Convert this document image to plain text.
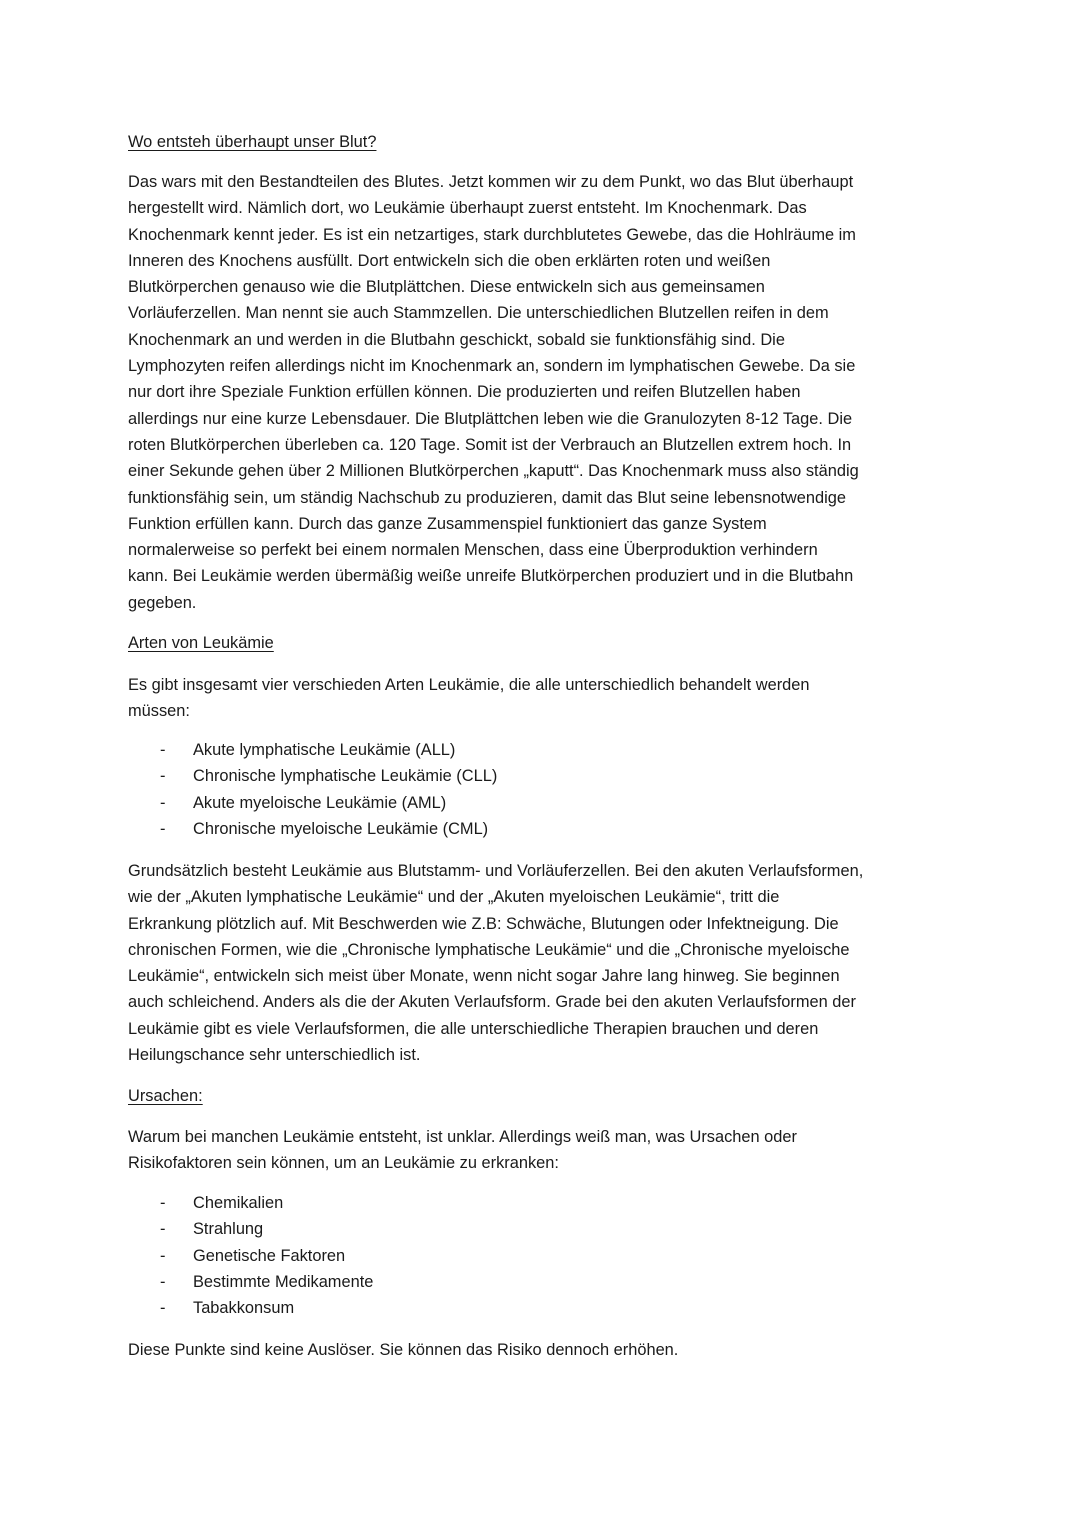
Wo entsteh überhaupt unser Blut?
Das wars mit den Bestandteilen des Blutes. Jetzt kommen wir zu dem Punkt, wo das Blut überhaupt
hergestellt wird. Nämlich dort, wo Leukämie überhaupt zuerst entsteht. Im Knochenmark. Das
Knochenmark kennt jeder. Es ist ein netzartiges, stark durchblutetes Gewebe, das die Hohlräume im
Inneren des Knochens ausfüllt. Dort entwickeln sich die oben erklärten roten und weißen
Blutkörperchen genauso wie die Blutplättchen. Diese entwickeln sich aus gemeinsamen
Vorläuferzellen. Man nennt sie auch Stammzellen. Die unterschiedlichen Blutzellen reifen in dem
Knochenmark an und werden in die Blutbahn geschickt, sobald sie funktionsfähig sind. Die
Lymphozyten reifen allerdings nicht im Knochenmark an, sondern im lymphatischen Gewebe. Da sie
nur dort ihre Speziale Funktion erfüllen können. Die produzierten und reifen Blutzellen haben
allerdings nur eine kurze Lebensdauer. Die Blutplättchen leben wie die Granulozyten 8-12 Tage. Die
roten Blutkörperchen überleben ca. 120 Tage. Somit ist der Verbrauch an Blutzellen extrem hoch. In
einer Sekunde gehen über 2 Millionen Blutkörperchen „kaputt“. Das Knochenmark muss also ständig
funktionsfähig sein, um ständig Nachschub zu produzieren, damit das Blut seine lebensnotwendige
Funktion erfüllen kann. Durch das ganze Zusammenspiel funktioniert das ganze System
normalerweise so perfekt bei einem normalen Menschen, dass eine Überproduktion verhindern
kann. Bei Leukämie werden übermäßig weiße unreife Blutkörperchen produziert und in die Blutbahn
gegeben.
Arten von Leukämie
Es gibt insgesamt vier verschieden Arten Leukämie, die alle unterschiedlich behandelt werden
müssen:
- Akute lymphatische Leukämie (ALL)
- Chronische lymphatische Leukämie (CLL)
- Akute myeloische Leukämie (AML)
- Chronische myeloische Leukämie (CML)
Grundsätzlich besteht Leukämie aus Blutstamm- und Vorläuferzellen. Bei den akuten Verlaufsformen,
wie der „Akuten lymphatische Leukämie“ und der „Akuten myeloischen Leukämie“, tritt die
Erkrankung plötzlich auf. Mit Beschwerden wie Z.B: Schwäche, Blutungen oder Infektneigung. Die
chronischen Formen, wie die „Chronische lymphatische Leukämie“ und die „Chronische myeloische
Leukämie“, entwickeln sich meist über Monate, wenn nicht sogar Jahre lang hinweg. Sie beginnen
auch schleichend. Anders als die der Akuten Verlaufsform. Grade bei den akuten Verlaufsformen der
Leukämie gibt es viele Verlaufsformen, die alle unterschiedliche Therapien brauchen und deren
Heilungschance sehr unterschiedlich ist.
Ursachen:
Warum bei manchen Leukämie entsteht, ist unklar. Allerdings weiß man, was Ursachen oder
Risikofaktoren sein können, um an Leukämie zu erkranken:
- Chemikalien
- Strahlung
- Genetische Faktoren
- Bestimmte Medikamente
- Tabakkonsum
Diese Punkte sind keine Auslöser. Sie können das Risiko dennoch erhöhen.
